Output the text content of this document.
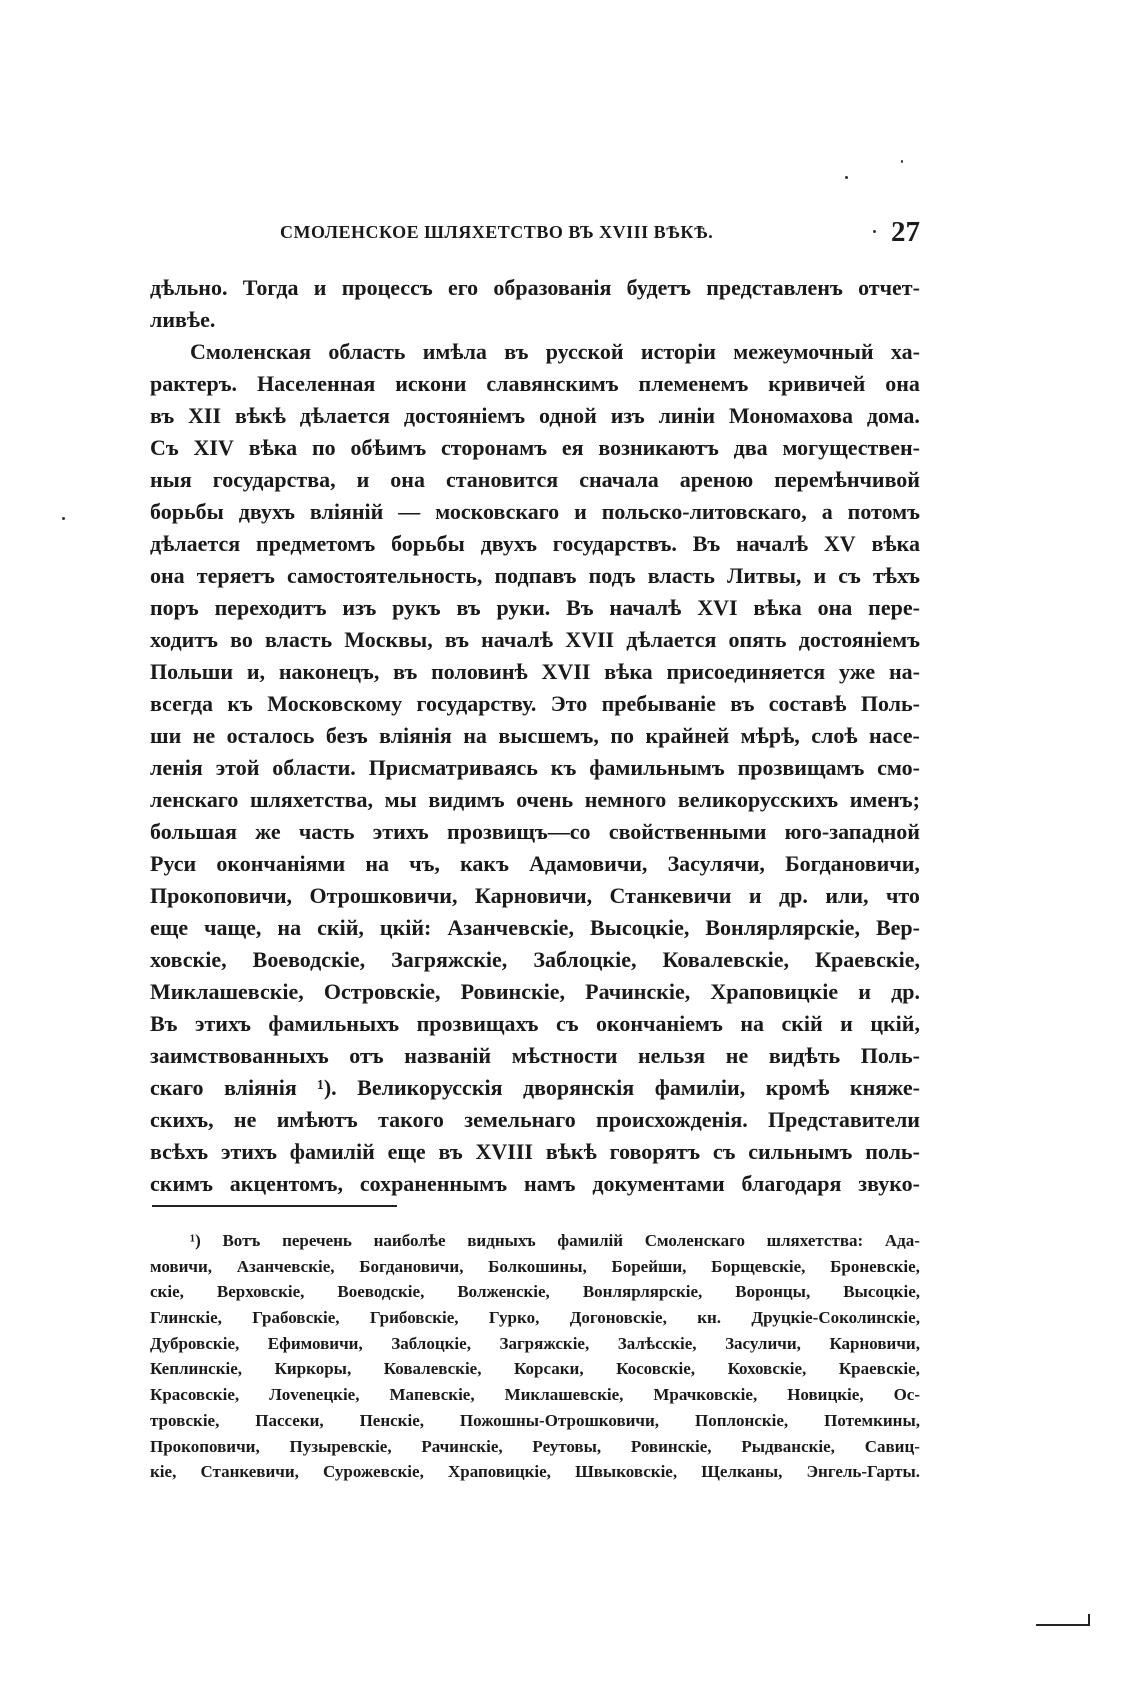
СМОЛЕНСКОЕ ШЛЯХЕТСТВО ВЪ XVIII ВѢКѢ.	27
дѣльно. Тогда и процессъ его образованія будетъ представленъ отчет-
ливѣе.
Смоленская область имѣла въ русской исторіи межеумочный ха-
рактеръ. Населенная искони славянскимъ племенемъ кривичей она
въ XII вѣкѣ дѣлается достояніемъ одной изъ линіи Мономахова дома.
Съ XIV вѣка по обѣимъ сторонамъ ея возникаютъ два могуществен-
ныя государства, и она становится сначала ареною перемѣнчивой
борьбы двухъ вліяній — московскаго и польско-литовскаго, а потомъ
дѣлается предметомъ борьбы двухъ государствъ. Въ началѣ XV вѣка
она теряетъ самостоятельность, подпавъ подъ власть Литвы, и съ тѣхъ
поръ переходитъ изъ рукъ въ руки. Въ началѣ XVI вѣка она пере-
ходитъ во власть Москвы, въ началѣ XVII дѣлается опять достояніемъ
Польши и, наконецъ, въ половинѣ XVII вѣка присоединяется уже на-
всегда къ Московскому государству. Это пребываніе въ составѣ Поль-
ши не осталось безъ вліянія на высшемъ, по крайней мѣрѣ, слоѣ насе-
ленія этой области. Присматриваясь къ фамильнымъ прозвищамъ смо-
ленскаго шляхетства, мы видимъ очень немного великорусскихъ именъ;
большая же часть этихъ прозвищъ—со свойственными юго-западной
Руси окончаніями на чъ, какъ Адамовичи, Засулячи, Богдановичи,
Прокоповичи, Отрошковичи, Карновичи, Станкевичи и др. или, что
еще чаще, на скій, цкій: Азанчевскіе, Высоцкіе, Вонлярлярскіе, Вер-
ховскіе, Воеводскіе, Загряжскіе, Заблоцкіе, Ковалевскіе, Краевскіе,
Миклашевскіе, Островскіе, Ровинскіе, Рачинскіе, Храповицкіе и др.
Въ этихъ фамильныхъ прозвищахъ съ окончаніемъ на скій и цкій,
заимствованныхъ отъ названій мѣстности нельзя не видѣть Поль-
скаго вліянія ¹). Великорусскія дворянскія фамиліи, кромѣ княже-
скихъ, не имѣютъ такого земельнаго происхожденія. Представители
всѣхъ этихъ фамилій еще въ XVIII вѣкѣ говорятъ съ сильнымъ поль-
скимъ акцентомъ, сохраненнымъ намъ документами благодаря звуко-
¹) Вотъ перечень наиболѣе видныхъ фамилій Смоленскаго шляхетства: Ада-
мовичи, Азанчевскіе, Богдановичи, Болкошины, Борейши, Борщевскіе, Броневскіе,
скіе, Верховскіе, Воеводскіе, Волженскіе, Вонлярлярскіе, Воронцы, Высоцкіе,
Глинскіе, Грабовскіе, Грибовскіе, Гурко, Догоновскіе, кн. Друцкіе-Соколинскіе,
Дубровскіе, Ефимовичи, Заблоцкіе, Загряжскіе, Залѣсскіе, Засуличи, Карновичи,
Кеплинскіе, Киркоры, Ковалевскіе, Корсаки, Косовскіе, Коховскіе, Краевскіе,
Красовскіе, Лovenецкіе, Мaпевскіе, Миклашевскіе, Мрачковскіе, Новицкіе, Ос-
тровскіе, Пассеки, Пенскіе, Пожошны-Отрошковичи, Поплонскіе, Потемкины,
Прокоповичи, Пузыревскіе, Рачинскіе, Реутовы, Ровинскіе, Рыдванскіе, Савиц-
кіе, Станкевичи, Сурожевскіе, Храповицкіе, Швыковскіе, Щелканы, Энгель-Гарты.
